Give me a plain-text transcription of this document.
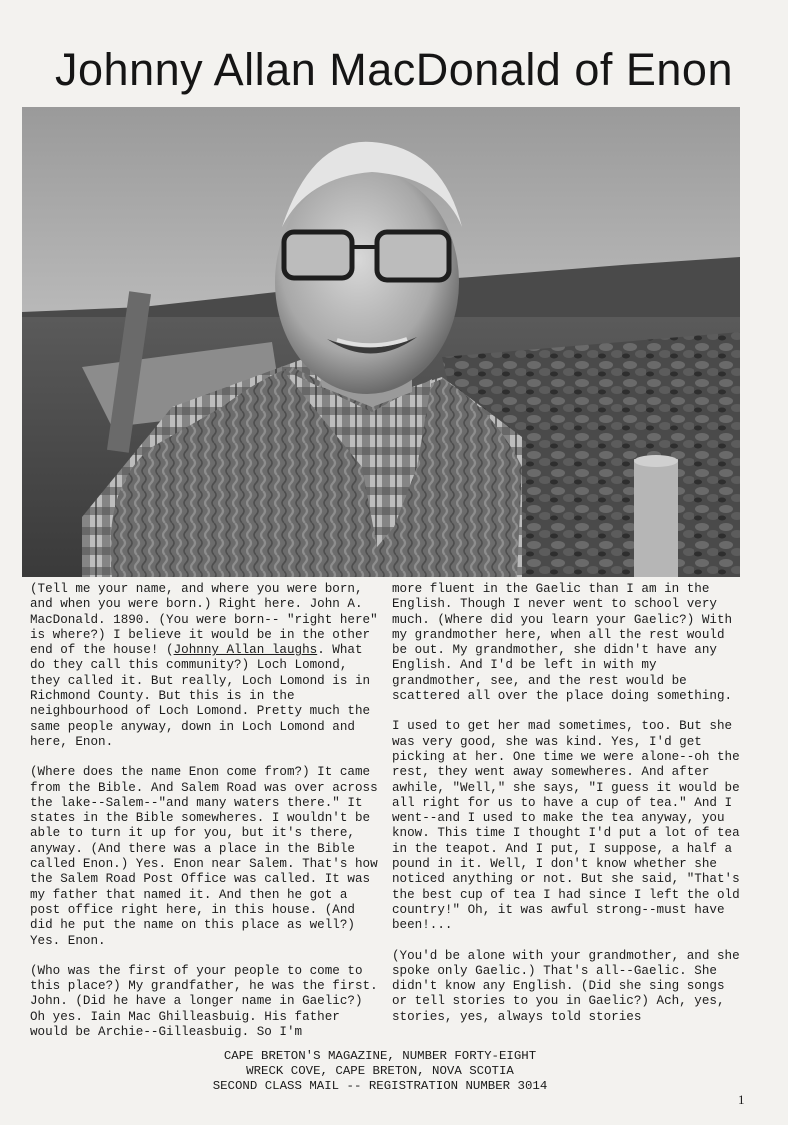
Johnny Allan MacDonald of Enon

(Tell me your name, and where you were born, and when you were born.) Right here. John A. MacDonald. 1890. (You were born-- "right here" is where?) I believe it would be in the other end of the house! (Johnny Allan laughs. What do they call this community?) Loch Lomond, they called it. But really, Loch Lomond is in Richmond County. But this is in the neighbourhood of Loch Lomond. Pretty much the same people anyway, down in Loch Lomond and here, Enon.

(Where does the name Enon come from?) It came from the Bible. And Salem Road was over across the lake--Salem--"and many waters there." It states in the Bible somewheres. I wouldn't be able to turn it up for you, but it's there, anyway. (And there was a place in the Bible called Enon.) Yes. Enon near Salem. That's how the Salem Road Post Office was called. It was my father that named it. And then he got a post office right here, in this house. (And did he put the name on this place as well?) Yes. Enon.

(Who was the first of your people to come to this place?) My grandfather, he was the first. John. (Did he have a longer name in Gaelic?) Oh yes. Iain Mac Ghilleasbuig. His father would be Archie--Gilleasbuig. So I'm

more fluent in the Gaelic than I am in the English. Though I never went to school very much. (Where did you learn your Gaelic?) With my grandmother here, when all the rest would be out. My grandmother, she didn't have any English. And I'd be left in with my grandmother, see, and the rest would be scattered all over the place doing something.

I used to get her mad sometimes, too. But she was very good, she was kind. Yes, I'd get picking at her. One time we were alone--oh the rest, they went away somewheres. And after awhile, "Well," she says, "I guess it would be all right for us to have a cup of tea." And I went--and I used to make the tea anyway, you know. This time I thought I'd put a lot of tea in the teapot. And I put, I suppose, a half a pound in it. Well, I don't know whether she noticed anything or not. But she said, "That's the best cup of tea I had since I left the old country!" Oh, it was awful strong--must have been!...

(You'd be alone with your grandmother, and she spoke only Gaelic.) That's all--Gaelic. She didn't know any English. (Did she sing songs or tell stories to you in Gaelic?) Ach, yes, stories, yes, always told stories

CAPE BRETON'S MAGAZINE, NUMBER FORTY-EIGHT
WRECK COVE, CAPE BRETON, NOVA SCOTIA
SECOND CLASS MAIL -- REGISTRATION NUMBER 3014
1
